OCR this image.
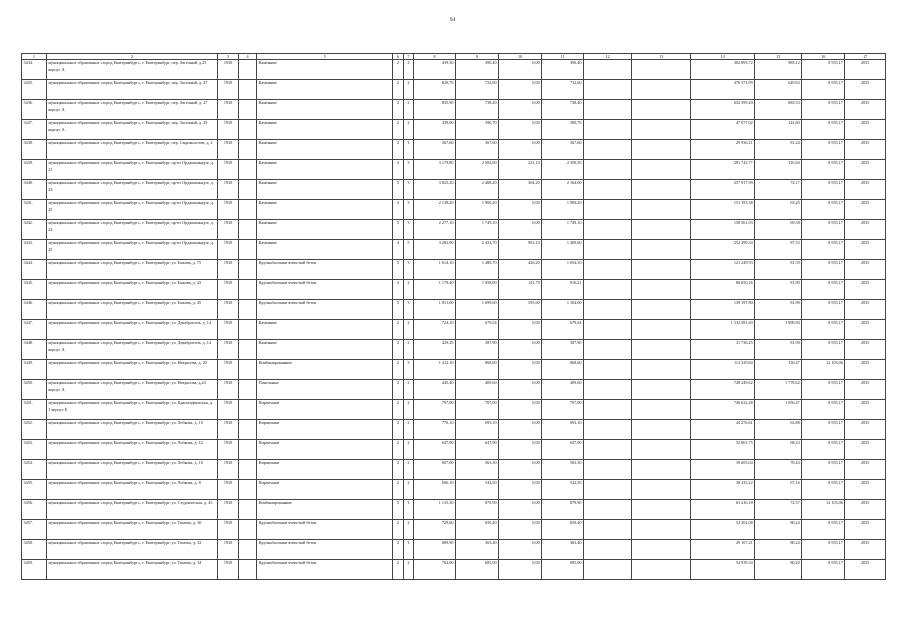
94
1	2	3	4	5	6	7	8	9	10	11	12	13	14	15	16	17
3434.	муниципальное образование «город Екатеринбург», г. Екатеринбург, пер. Засечный, д.25 корпус А	1930		Каменные	2	2	439,30	390,40	0,00	390,40			382 893,72	983,12	8 935,17	2035
3435.	муниципальное образование «город Екатеринбург», г. Екатеринбург, пер. Засечный, д. 27	1930		Каменные	2	2	820,70	732,60	0,00	732,60			476 571,99	649,63	8 935,17	2035
3436.	муниципальное образование «город Екатеринбург», г. Екатеринбург, пер. Засечный, д. 27 корпус А	1930		Каменные	2	2	835,90	738,40	0,00	738,40			652 399,20	883,53	8 935,17	2035
3437.	муниципальное образование «город Екатеринбург», г. Екатеринбург, пер. Засечный, д. 29 корпус А	1930		Каменные	2	2	439,00	390,70	0,00	390,70			47 077,02	122,60	8 935,17	2035
3438.	муниципальное образование «город Екатеринбург», г. Екатеринбург, пер. Сыромолотов, д. 2	1930		Каменные	2	1	367,60	367,60	0,00	367,60			29 936,21	81,24	8 935,17	2035
3439.	муниципальное образование «город Екатеринбург», г. Екатеринбург, пр-кт Орджоникидзе, д. 21	1930		Каменные	3	3	3 179,80	2 582,60	221,10	2 358,50			281 743,77	116,64	8 935,17	2035
3440.	муниципальное образование «город Екатеринбург», г. Екатеринбург, пр-кт Орджоникидзе, д. 23	1930		Каменные	3	3	3 825,20	2 468,20	304,20	2 164,00			257 917,99	74,17	8 935,17	2035
3441.	муниципальное образование «город Екатеринбург», г. Екатеринбург, пр-кт Орджоникидзе, д. 25	1930		Каменные	3	3	2 138,20	1 900,20	0,00	1 900,20			151 193,38	63,25	8 935,17	2035
3442.	муниципальное образование «город Екатеринбург», г. Екатеринбург, пр-кт Орджоникидзе, д. 24	1930		Каменные	3	3	2 277,10	1 749,10	0,00	1 749,10			150 561,03	69,58	8 935,17	2035
3443.	муниципальное образование «город Екатеринбург», г. Екатеринбург, пр-кт Орджоникидзе, д. 25	1930		Каменные	4	5	3 282,90	2 432,70	963,10	1 469,60			252 299,34	87,53	8 935,17	2035
3444.	муниципальное образование «город Екатеринбург», г. Екатеринбург, ул. Бажова, д. 75	1930		Крупноблочные ячеистый бетон	3	3	1 614,10	1 480,70	426,20	1 054,50			121 249,93	81,59	8 935,17	2035
3445.	муниципальное образование «город Екатеринбург», г. Екатеринбург, ул. Бажова, д. 43	1930		Крупноблочные ячеистый бетон	3	2	1 179,40	1 058,00	141,79	916,21			86 650,26	81,99	8 935,17	2035
3446.	муниципальное образование «город Екатеринбург», г. Екатеринбург, ул. Бажова, д. 45	1930		Крупноблочные ячеистый бетон	3	3	1 831,00	1 699,60	595,60	1 104,00			139 197,80	81,99	8 935,17	2035
3447.	муниципальное образование «город Екатеринбург», г. Екатеринбург, ул. Декабристов, д. 14	1930		Каменные	2	2	724,10	679,64	0,00	679,64			1 332 581,40	1 990,94	8 935,17	2035
3448.	муниципальное образование «город Екатеринбург», г. Екатеринбург, ул. Декабристов, д. 14 корпус А	1930		Каменные	2	2	429,29	387,90	0,00	387,90			31 736,25	81,90	8 935,17	2035
3449.	муниципальное образование «город Екатеринбург», г. Екатеринбург, ул. Некрасова, д. 20	1930		Комбинированные	2	3	1 412,10	868,60	0,00	868,60			112 329,84	130,47	12 103,06	2035
3450.	муниципальное образование «город Екатеринбург», г. Екатеринбург, ул. Некрасова, д.24 корпус А	1930		Панельные	2	2	445,40	409,60	0,00	409,60			728 249,62	1 778,62	8 935,17	2035
3451.	муниципальное образование «город Екатеринбург», г. Екатеринбург, ул. Красноуфимская, д. 1 корпус Б	1930		Кирпичные	2	2	797,00	707,00	0,00	707,00			746 622,48	1 056,47	8 935,17	2035
3452.	муниципальное образование «город Екатеринбург», г. Екатеринбург, ул. Лобкова, д. 10	1930		Кирпичные	2	2	770,10	693,10	0,00	693,10			44 276,61	63,88	8 935,17	2035
3453.	муниципальное образование «город Екатеринбург», г. Екатеринбург, ул. Лобкова, д. 12	1930		Кирпичные	2	2	647,90	647,90	0,00	647,90			52 801,75	68,23	8 935,17	2035
3454.	муниципальное образование «город Екатеринбург», г. Екатеринбург, ул. Лобкова, д. 16	1930		Кирпичные	2	2	607,00	563,30	0,00	563,30			39 605,04	70,43	8 935,17	2035
3455.	муниципальное образование «город Екатеринбург», г. Екатеринбург, ул. Лобкова, д. 8	1930		Кирпичные	2	2	606,10	542,50	0,00	542,50			38 435,22	67,16	8 935,17	2035
3456.	муниципальное образование «город Екатеринбург», г. Екатеринбург, ул. Студенческая, д. 45	1930		Комбинированные	3	1	1 135,30	879,90	0,00	879,90			63 416,18	72,57	12 103,06	2035
3457.	муниципальное образование «город Екатеринбург», г. Екатеринбург, ул. Тимова, д. 30	1930		Крупноблочные ячеистый бетон	2	2	729,60	650,40	0,00	650,40			52 202,08	80,24	8 935,17	2035
3458.	муниципальное образование «город Екатеринбург», г. Екатеринбург, ул. Тимова, д. 32	1930		Крупноблочные ячеистый бетон	2	1	809,90	363,40	0,00	363,40			29 167,21	80,24	8 935,17	2035
3459.	муниципальное образование «город Екатеринбург», г. Екатеринбург, ул. Тимова, д. 34	1930		Крупноблочные ячеистый бетон	2	2	762,00	685,00	0,00	685,00			54 939,34	80,20	8 935,17	2035
